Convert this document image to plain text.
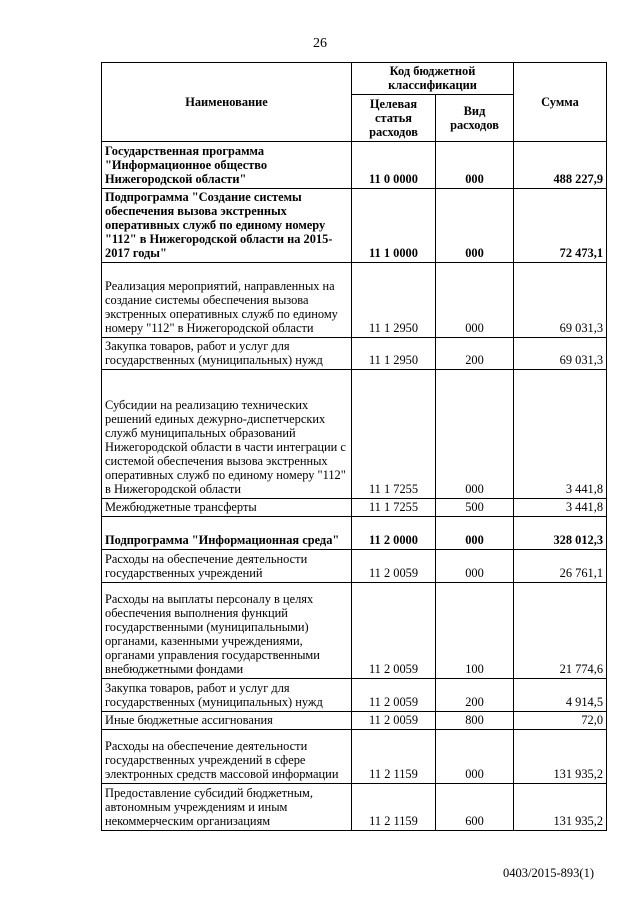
26
Наименование	Код бюджетной классификации		Сумма
	Целевая статья расходов	Вид расходов	
Государственная программа "Информационное общество Нижегородской области"	11 0 0000	000	488 227,9
Подпрограмма "Создание системы обеспечения вызова экстренных оперативных служб по единому номеру "112" в Нижегородской области на 2015-2017 годы"	11 1 0000	000	72 473,1
Реализация мероприятий, направленных на создание системы обеспечения вызова экстренных оперативных служб по единому номеру "112" в Нижегородской области	11 1 2950	000	69 031,3
Закупка товаров, работ и услуг для государственных (муниципальных) нужд	11 1 2950	200	69 031,3
Субсидии на реализацию технических решений единых дежурно-диспетчерских служб муниципальных образований Нижегородской области в части интеграции с системой обеспечения вызова экстренных оперативных служб по единому номеру "112" в Нижегородской области	11 1 7255	000	3 441,8
Межбюджетные трансферты	11 1 7255	500	3 441,8
Подпрограмма "Информационная среда"	11 2 0000	000	328 012,3
Расходы на обеспечение деятельности государственных учреждений	11 2 0059	000	26 761,1
Расходы на выплаты персоналу в целях обеспечения выполнения функций государственными (муниципальными) органами, казенными учреждениями, органами управления государственными внебюджетными фондами	11 2 0059	100	21 774,6
Закупка товаров, работ и услуг для государственных (муниципальных) нужд	11 2 0059	200	4 914,5
Иные бюджетные ассигнования	11 2 0059	800	72,0
Расходы на обеспечение деятельности государственных учреждений в сфере электронных средств массовой информации	11 2 1159	000	131 935,2
Предоставление субсидий бюджетным, автономным учреждениям и иным некоммерческим организациям	11 2 1159	600	131 935,2
0403/2015-893(1)
